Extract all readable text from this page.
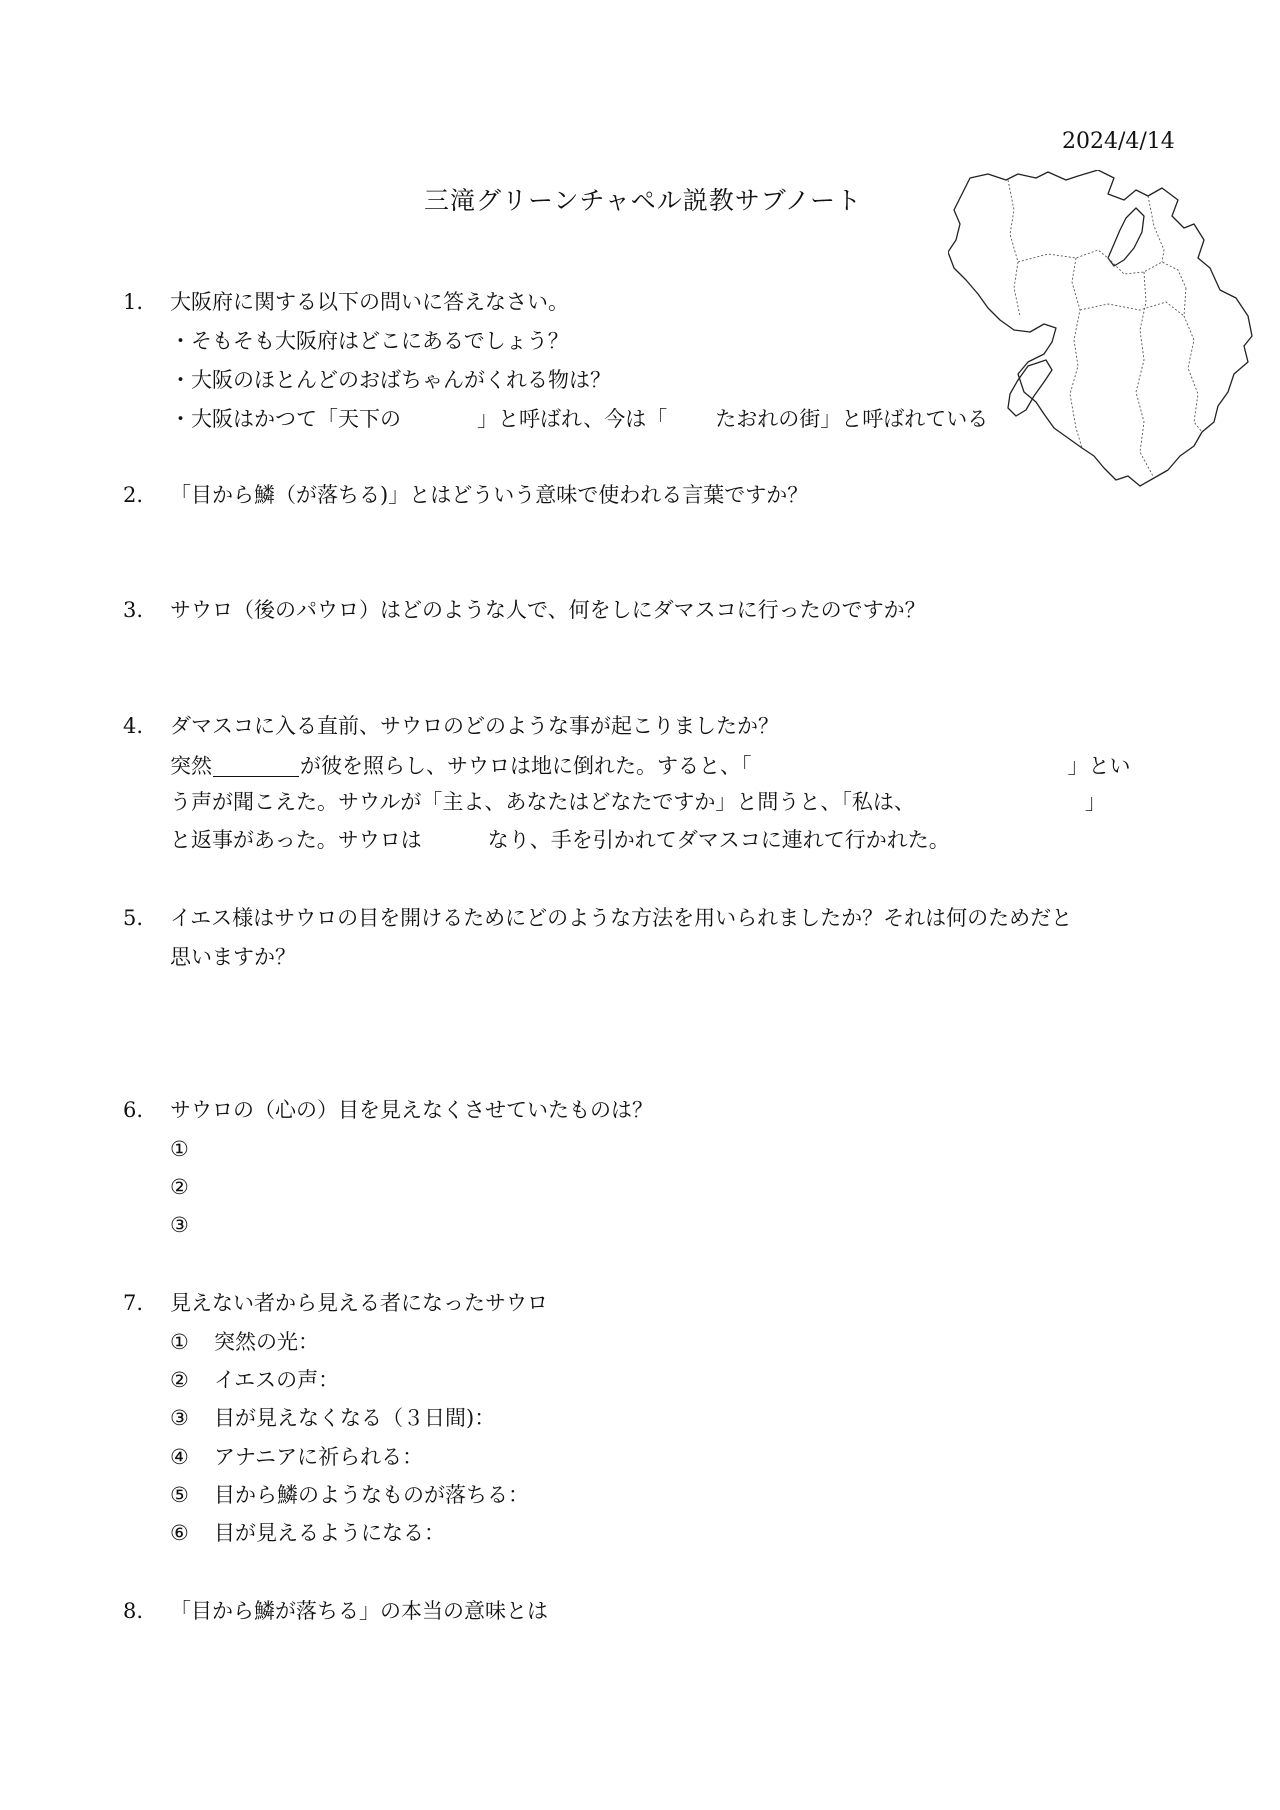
2024/4/14
三滝グリーンチャペル説教サブノート
1. 大阪府に関する以下の問いに答えなさい。
・そもそも大阪府はどこにあるでしょう？
・大阪のほとんどのおばちゃんがくれる物は？
・大阪はかつて「天下の	」と呼ばれ、今は「 たおれの街」と呼ばれている
2. 「目から鱗（が落ちる)」とはどういう意味で使われる言葉ですか？
3. サウロ（後のパウロ）はどのような人で、何をしにダマスコに行ったのですか？
4. ダマスコに入る直前、サウロのどのような事が起こりましたか？
突然	が彼を照らし、サウロは地に倒れた。すると、「	」とい
う声が聞こえた。サウルが「主よ、あなたはどなたですか」と問うと、「私は、	」
と返事があった。サウロは	なり、手を引かれてダマスコに連れて行かれた。
5. イエス様はサウロの目を開けるためにどのような方法を用いられましたか？それは何のためだと
思いますか？
6. サウロの（心の）目を見えなくさせていたものは？
①
②
③
7. 見えない者から見える者になったサウロ
① 突然の光：
② イエスの声：
③ 目が見えなくなる（３日間)：
④ アナニアに祈られる：
⑤ 目から鱗のようなものが落ちる：
⑥ 目が見えるようになる：
8. 「目から鱗が落ちる」の本当の意味とは
